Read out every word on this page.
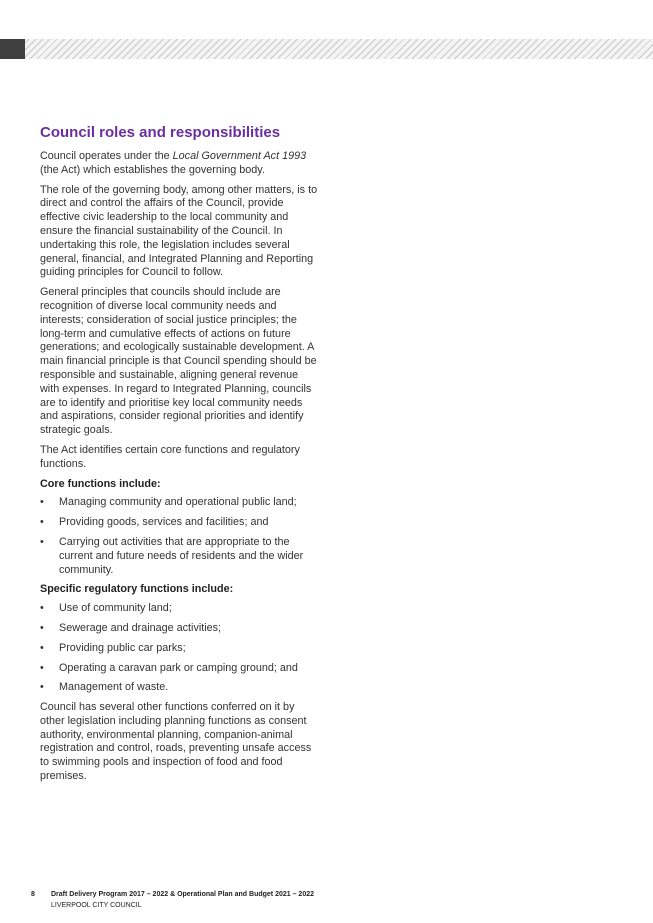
Council roles and responsibilities

Council operates under the Local Government Act 1993 (the Act) which establishes the governing body.

The role of the governing body, among other matters, is to direct and control the affairs of the Council, provide effective civic leadership to the local community and ensure the financial sustainability of the Council. In undertaking this role, the legislation includes several general, financial, and Integrated Planning and Reporting guiding principles for Council to follow.

General principles that councils should include are recognition of diverse local community needs and interests; consideration of social justice principles; the long-term and cumulative effects of actions on future generations; and ecologically sustainable development. A main financial principle is that Council spending should be responsible and sustainable, aligning general revenue with expenses. In regard to Integrated Planning, councils are to identify and prioritise key local community needs and aspirations, consider regional priorities and identify strategic goals.

The Act identifies certain core functions and regulatory functions.

Core functions include:

• Managing community and operational public land;
• Providing goods, services and facilities; and
• Carrying out activities that are appropriate to the current and future needs of residents and the wider community.

Specific regulatory functions include:

• Use of community land;
• Sewerage and drainage activities;
• Providing public car parks;
• Operating a caravan park or camping ground; and
• Management of waste.

Council has several other functions conferred on it by other legislation including planning functions as consent authority, environmental planning, companion-animal registration and control, roads, preventing unsafe access to swimming pools and inspection of food and food premises.

8 Draft Delivery Program 2017 – 2022 & Operational Plan and Budget 2021 – 2022
LIVERPOOL CITY COUNCIL
